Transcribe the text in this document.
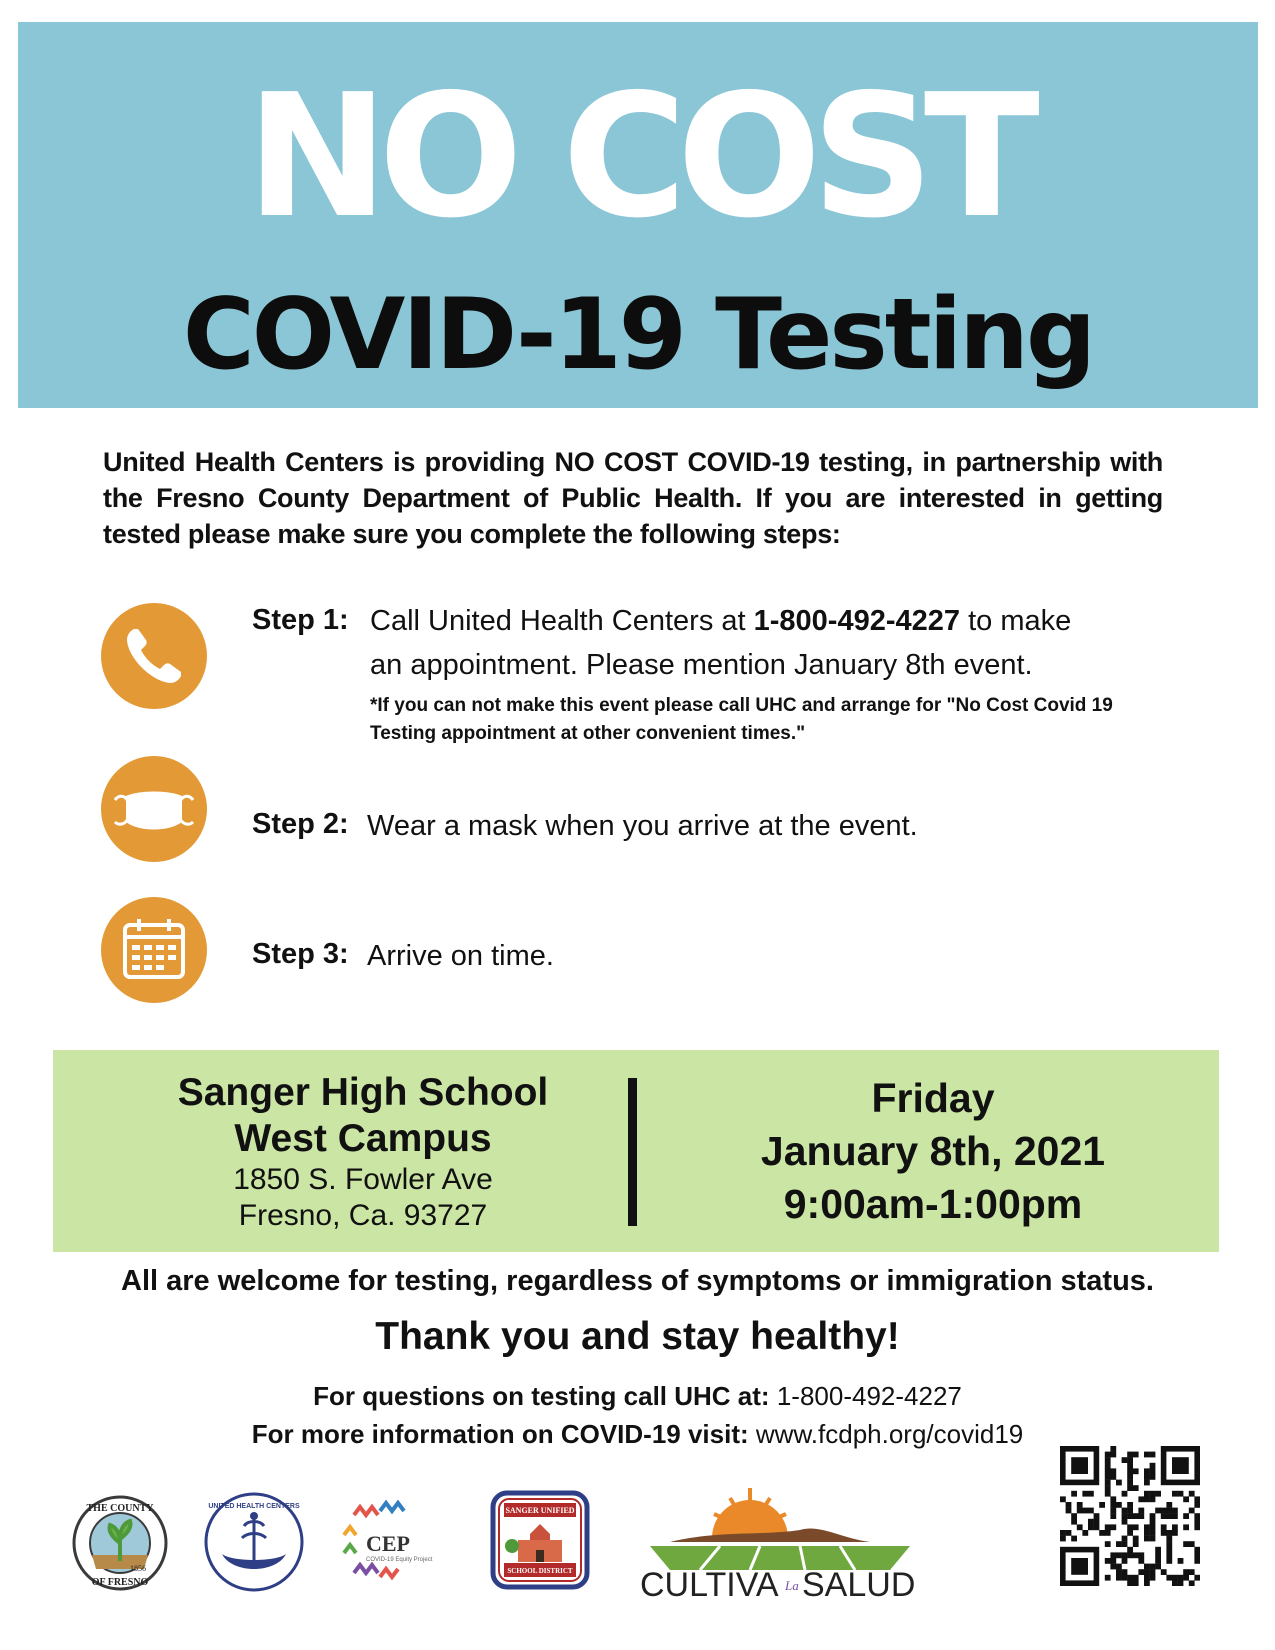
NO COST
COVID-19 Testing
United Health Centers is providing NO COST COVID-19 testing, in partnership with the Fresno County Department of Public Health. If you are interested in getting tested please make sure you complete the following steps:
Step 1: Call United Health Centers at 1-800-492-4227 to make
an appointment. Please mention January 8th event.
*If you can not make this event please call UHC and arrange for "No Cost Covid 19 Testing appointment at other convenient times."
Step 2: Wear a mask when you arrive at the event.
Step 3: Arrive on time.
Sanger High School
West Campus
1850 S. Fowler Ave
Fresno, Ca. 93727
Friday
January 8th, 2021
9:00am-1:00pm
All are welcome for testing, regardless of symptoms or immigration status.
Thank you and stay healthy!
For questions on testing call UHC at: 1-800-492-4227
For more information on COVID-19 visit: www.fcdph.org/covid19
THE COUNTY
1856
OF FRESNO
UNITED HEALTH CENTERS
CEP
COVID-19 Equity Project
SANGER UNIFIED
SCHOOL DISTRICT CULTIVA La SALUD
